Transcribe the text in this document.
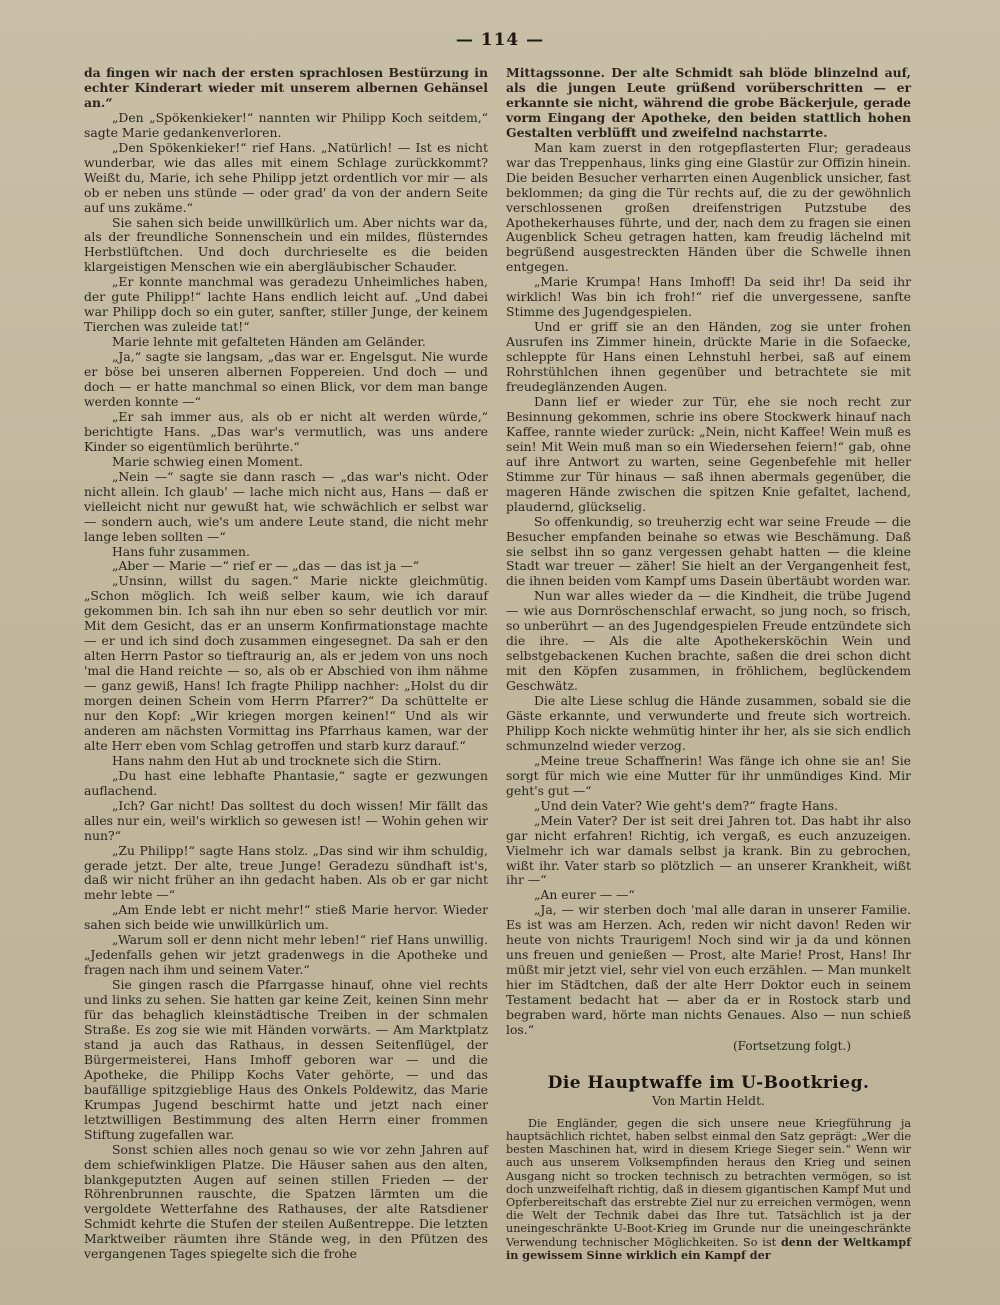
— 114 —

da fingen wir nach der ersten sprachlosen Bestürzung in echter Kinderart wieder mit unserem albernen Gehänsel an.“

„Den „Spökenkieker!“ nannten wir Philipp Koch seitdem,“ sagte Marie gedankenverloren.

„Den Spökenkieker!“ rief Hans. „Natürlich! — Ist es nicht wunderbar, wie das alles mit einem Schlage zurückkommt? Weißt du, Marie, ich sehe Philipp jetzt ordentlich vor mir — als ob er neben uns stünde — oder grad' da von der andern Seite auf uns zukäme.“

Sie sahen sich beide unwillkürlich um. Aber nichts war da, als der freundliche Sonnenschein und ein mildes, flüsterndes Herbstlüftchen. Und doch durchrieselte es die beiden klargeistigen Menschen wie ein abergläubischer Schauder.

„Er konnte manchmal was geradezu Unheimliches haben, der gute Philipp!“ lachte Hans endlich leicht auf. „Und dabei war Philipp doch so ein guter, sanfter, stiller Junge, der keinem Tierchen was zuleide tat!“

Marie lehnte mit gefalteten Händen am Geländer.

„Ja,“ sagte sie langsam, „das war er. Engelsgut. Nie wurde er böse bei unseren albernen Foppereien. Und doch — und doch — er hatte manchmal so einen Blick, vor dem man bange werden konnte —“

„Er sah immer aus, als ob er nicht alt werden würde,“ berichtigte Hans. „Das war's vermutlich, was uns andere Kinder so eigentümlich berührte.“

Marie schwieg einen Moment.

„Nein —“ sagte sie dann rasch — „das war's nicht. Oder nicht allein. Ich glaub' — lache mich nicht aus, Hans — daß er vielleicht nicht nur gewußt hat, wie schwächlich er selbst war — sondern auch, wie's um andere Leute stand, die nicht mehr lange leben sollten —“

Hans fuhr zusammen.

„Aber — Marie —“ rief er — „das — das ist ja —“

„Unsinn, willst du sagen.“ Marie nickte gleichmütig. „Schon möglich. Ich weiß selber kaum, wie ich darauf gekommen bin. Ich sah ihn nur eben so sehr deutlich vor mir. Mit dem Gesicht, das er an unserm Konfirmationstage machte — er und ich sind doch zusammen eingesegnet. Da sah er den alten Herrn Pastor so tieftraurig an, als er jedem von uns noch 'mal die Hand reichte — so, als ob er Abschied von ihm nähme — ganz gewiß, Hans! Ich fragte Philipp nachher: „Holst du dir morgen deinen Schein vom Herrn Pfarrer?“ Da schüttelte er nur den Kopf: „Wir kriegen morgen keinen!“ Und als wir anderen am nächsten Vormittag ins Pfarrhaus kamen, war der alte Herr eben vom Schlag getroffen und starb kurz darauf.“

Hans nahm den Hut ab und trocknete sich die Stirn.

„Du hast eine lebhafte Phantasie,“ sagte er gezwungen auflachend.

„Ich? Gar nicht! Das solltest du doch wissen! Mir fällt das alles nur ein, weil's wirklich so gewesen ist! — Wohin gehen wir nun?“

„Zu Philipp!“ sagte Hans stolz. „Das sind wir ihm schuldig, gerade jetzt. Der alte, treue Junge! Geradezu sündhaft ist's, daß wir nicht früher an ihn gedacht haben. Als ob er gar nicht mehr lebte —“

„Am Ende lebt er nicht mehr!“ stieß Marie hervor. Wieder sahen sich beide wie unwillkürlich um.

„Warum soll er denn nicht mehr leben!“ rief Hans unwillig. „Jedenfalls gehen wir jetzt gradenwegs in die Apotheke und fragen nach ihm und seinem Vater.“

Sie gingen rasch die Pfarrgasse hinauf, ohne viel rechts und links zu sehen. Sie hatten gar keine Zeit, keinen Sinn mehr für das behaglich kleinstädtische Treiben in der schmalen Straße. Es zog sie wie mit Händen vorwärts. — Am Marktplatz stand ja auch das Rathaus, in dessen Seitenflügel, der Bürgermeisterei, Hans Imhoff geboren war — und die Apotheke, die Philipp Kochs Vater gehörte, — und das baufällige spitzgieblige Haus des Onkels Poldewitz, das Marie Krumpas Jugend beschirmt hatte und jetzt nach einer letztwilligen Bestimmung des alten Herrn einer frommen Stiftung zugefallen war.

Sonst schien alles noch genau so wie vor zehn Jahren auf dem schiefwinkligen Platze. Die Häuser sahen aus den alten, blankgeputzten Augen auf seinen stillen Frieden — der Röhrenbrunnen rauschte, die Spatzen lärmten um die vergoldete Wetterfahne des Rathauses, der alte Ratsdiener Schmidt kehrte die Stufen der steilen Außentreppe. Die letzten Marktweiber räumten ihre Stände weg, in den Pfützen des vergangenen Tages spiegelte sich die frohe

Mittagssonne. Der alte Schmidt sah blöde blinzelnd auf, als die jungen Leute grüßend vorüberschritten — er erkannte sie nicht, während die grobe Bäckerjule, gerade vorm Eingang der Apotheke, den beiden stattlich hohen Gestalten verblüfft und zweifelnd nachstarrte.

Man kam zuerst in den rotgepflasterten Flur; geradeaus war das Treppenhaus, links ging eine Glastür zur Offizin hinein. Die beiden Besucher verharrten einen Augenblick unsicher, fast beklommen; da ging die Tür rechts auf, die zu der gewöhnlich verschlossenen großen dreifenstrigen Putzstube des Apothekerhauses führte, und der, nach dem zu fragen sie einen Augenblick Scheu getragen hatten, kam freudig lächelnd mit begrüßend ausgestreckten Händen über die Schwelle ihnen entgegen.

„Marie Krumpa! Hans Imhoff! Da seid ihr! Da seid ihr wirklich! Was bin ich froh!“ rief die unvergessene, sanfte Stimme des Jugendgespielen.

Und er griff sie an den Händen, zog sie unter frohen Ausrufen ins Zimmer hinein, drückte Marie in die Sofaecke, schleppte für Hans einen Lehnstuhl herbei, saß auf einem Rohrstühlchen ihnen gegenüber und betrachtete sie mit freudeglänzenden Augen.

Dann lief er wieder zur Tür, ehe sie noch recht zur Besinnung gekommen, schrie ins obere Stockwerk hinauf nach Kaffee, rannte wieder zurück: „Nein, nicht Kaffee! Wein muß es sein! Mit Wein muß man so ein Wiedersehen feiern!“ gab, ohne auf ihre Antwort zu warten, seine Gegenbefehle mit heller Stimme zur Tür hinaus — saß ihnen abermals gegenüber, die mageren Hände zwischen die spitzen Knie gefaltet, lachend, plaudernd, glückselig.

So offenkundig, so treuherzig echt war seine Freude — die Besucher empfanden beinahe so etwas wie Beschämung. Daß sie selbst ihn so ganz vergessen gehabt hatten — die kleine Stadt war treuer — zäher! Sie hielt an der Vergangenheit fest, die ihnen beiden vom Kampf ums Dasein übertäubt worden war.

Nun war alles wieder da — die Kindheit, die trübe Jugend — wie aus Dornröschenschlaf erwacht, so jung noch, so frisch, so unberührt — an des Jugendgespielen Freude entzündete sich die ihre. — Als die alte Apothekersköchin Wein und selbstgebackenen Kuchen brachte, saßen die drei schon dicht mit den Köpfen zusammen, in fröhlichem, beglückendem Geschwätz.

Die alte Liese schlug die Hände zusammen, sobald sie die Gäste erkannte, und verwunderte und freute sich wortreich. Philipp Koch nickte wehmütig hinter ihr her, als sie sich endlich schmunzelnd wieder verzog.

„Meine treue Schaffnerin! Was fänge ich ohne sie an! Sie sorgt für mich wie eine Mutter für ihr unmündiges Kind. Mir geht's gut —“

„Und dein Vater? Wie geht's dem?“ fragte Hans.

„Mein Vater? Der ist seit drei Jahren tot. Das habt ihr also gar nicht erfahren! Richtig, ich vergaß, es euch anzuzeigen. Vielmehr ich war damals selbst ja krank. Bin zu gebrochen, wißt ihr. Vater starb so plötzlich — an unserer Krankheit, wißt ihr —“

„An eurer — —“

„Ja, — wir sterben doch 'mal alle daran in unserer Familie. Es ist was am Herzen. Ach, reden wir nicht davon! Reden wir heute von nichts Traurigem! Noch sind wir ja da und können uns freuen und genießen — Prost, alte Marie! Prost, Hans! Ihr müßt mir jetzt viel, sehr viel von euch erzählen. — Man munkelt hier im Städtchen, daß der alte Herr Doktor euch in seinem Testament bedacht hat — aber da er in Rostock starb und begraben ward, hörte man nichts Genaues. Also — nun schieß los.“

(Fortsetzung folgt.)
Die Hauptwaffe im U-Bootkrieg.
Von Martin Heldt.

Die Engländer, gegen die sich unsere neue Kriegführung ja hauptsächlich richtet, haben selbst einmal den Satz geprägt: „Wer die besten Maschinen hat, wird in diesem Kriege Sieger sein.“ Wenn wir auch aus unserem Volksempfinden heraus den Krieg und seinen Ausgang nicht so trocken technisch zu betrachten vermögen, so ist doch unzweifelhaft richtig, daß in diesem gigantischen Kampf Mut und Opferbereitschaft das erstrebte Ziel nur zu erreichen vermögen, wenn die Welt der Technik dabei das Ihre tut. Tatsächlich ist ja der uneingeschränkte U-Boot-Krieg im Grunde nur die uneingeschränkte Verwendung technischer Möglichkeiten. So ist denn der Weltkampf in gewissem Sinne wirklich ein Kampf der
